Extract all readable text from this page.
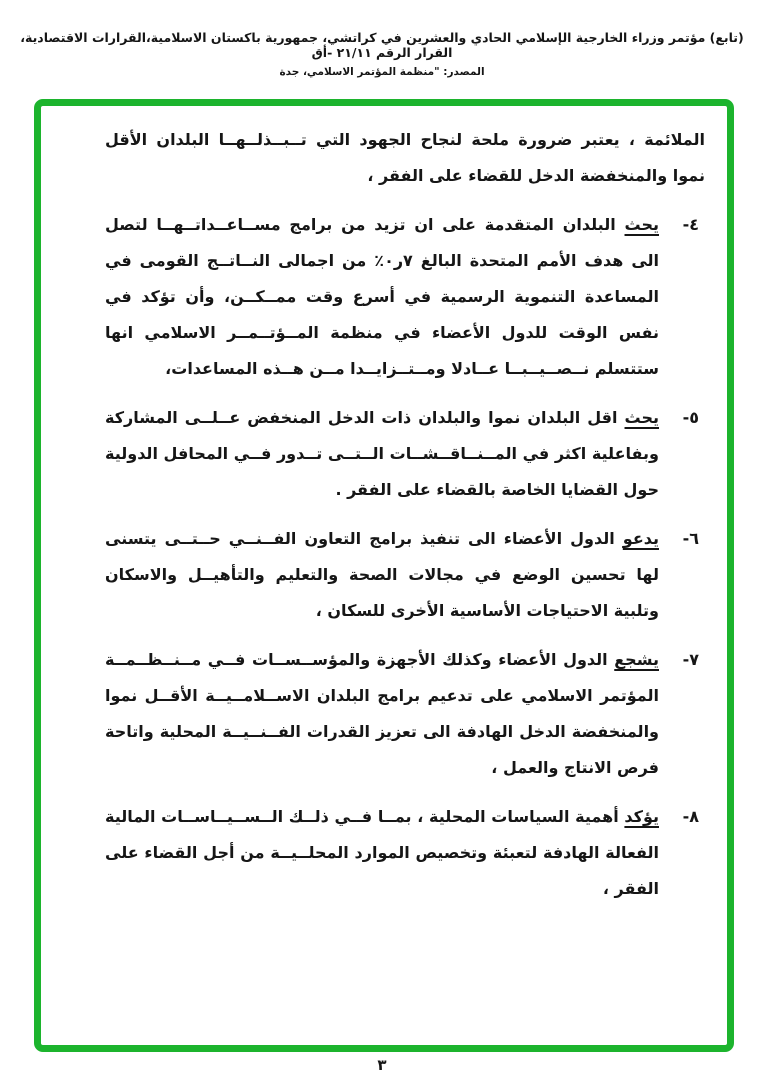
(تابع) مؤتمر وزراء الخارجية الإسلامي الحادي والعشرين في كراتشي، جمهورية باكستان الاسلامية،القرارات الاقتصادية، القرار الرقم ٢١/١١ -أق
المصدر: "منظمة المؤتمر الاسلامي، جدة

الملائمة ، يعتبر ضرورة ملحة لنجاح الجهود التي تــبــذلــهــا البلدان الأقل نموا والمنخفضة الدخل للقضاء على الفقر ،

-٤
يحث البلدان المتقدمة على ان تزيد من برامج مســاعــداتــهــا لتصل الى هدف الأمم المتحدة البالغ ‭٪٠ر٧‬ من اجمالى النــاتــج القومى في المساعدة التنموية الرسمية في أسرع وقت ممــكــن، وأن تؤكد في نفس الوقت للدول الأعضاء في منظمة المــؤتــمــر الاسلامي انها ستتسلم نــصــيــبــا عــادلا ومــتــزايــدا مــن هــذه المساعدات،
-٥
يحث اقل البلدان نموا والبلدان ذات الدخل المنخفض عــلــى المشاركة وبفاعلية اكثر في المــنــاقــشــات الــتــى تــدور فــي المحافل الدولية حول القضايا الخاصة بالقضاء على الفقر .
-٦
يدعو الدول الأعضاء الى تنفيذ برامج التعاون الفــنــي حــتــى يتسنى لها تحسين الوضع في مجالات الصحة والتعليم والتأهيــل والاسكان وتلبية الاحتياجات الأساسية الأخرى للسكان ،
-٧
يشجع الدول الأعضاء وكذلك الأجهزة والمؤســســات فــي مــنــظــمــة المؤتمر الاسلامي على تدعيم برامج البلدان الاســلامــيــة الأقــل نموا والمنخفضة الدخل الهادفة الى تعزيز القدرات الفــنــيــة المحلية واتاحة فرص الانتاج والعمل ،
-٨
يؤكد أهمية السياسات المحلية ، بمــا فــي ذلــك الــســيــاســات المالية الفعالة الهادفة لتعبئة وتخصيص الموارد المحلــيــة من أجل القضاء على الفقر ،
٣
